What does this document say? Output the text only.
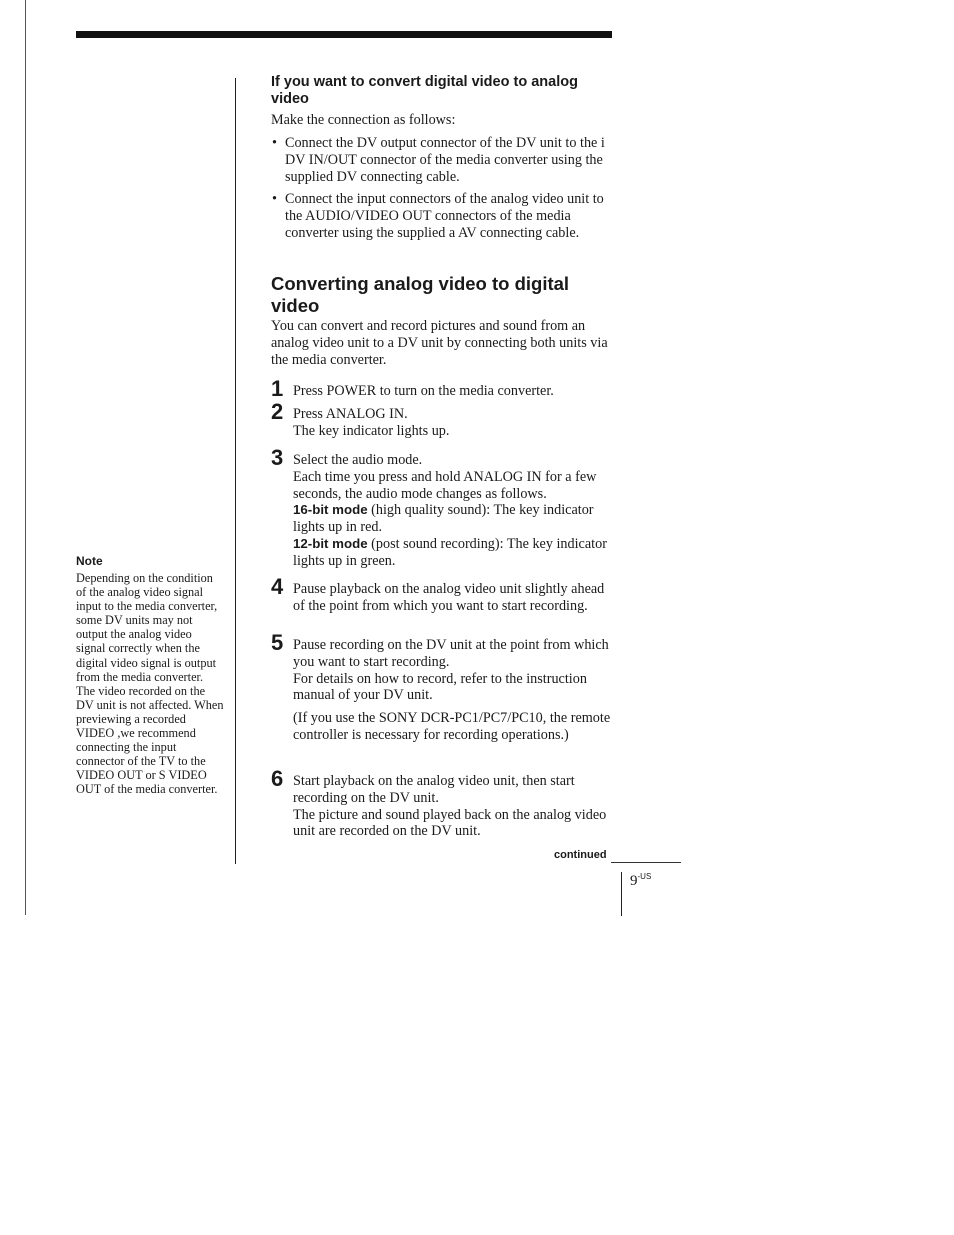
Note
Depending on the condition of the analog video signal input to the media converter, some DV units may not output the analog video signal correctly when the digital video signal is output from the media converter. The video recorded on the DV unit is not affected. When previewing a recorded VIDEO ,we recommend connecting the input connector of the TV to the VIDEO OUT or S VIDEO OUT of the media converter.
If you want to convert digital video to analog video
Make the connection as follows:
• Connect the DV output connector of the DV unit to the i DV IN/OUT connector of the media converter using the supplied DV connecting cable.
• Connect the input connectors of the analog video unit to the AUDIO/VIDEO OUT connectors of the media converter using the supplied a AV connecting cable.
Converting analog video to digital video
You can convert and record pictures and sound from an analog video unit to a DV unit by connecting both units via the media converter.
1 Press POWER to turn on the media converter.

2 Press ANALOG IN.

The key indicator lights up.

3 Select the audio mode.

Each time you press and hold ANALOG IN for a few seconds, the audio mode changes as follows.

16-bit mode (high quality sound): The key indicator lights up in red.

12-bit mode (post sound recording): The key indicator lights up in green.

4 Pause playback on the analog video unit slightly ahead of the point from which you want to start recording.

5 Pause recording on the DV unit at the point from which you want to start recording.

For details on how to record, refer to the instruction manual of your DV unit.

(If you use the SONY DCR-PC1/PC7/PC10, the remote controller is necessary for recording operations.)

6 Start playback on the analog video unit, then start recording on the DV unit.

The picture and sound played back on the analog video unit are recorded on the DV unit.

continued
$9^{-US}$
